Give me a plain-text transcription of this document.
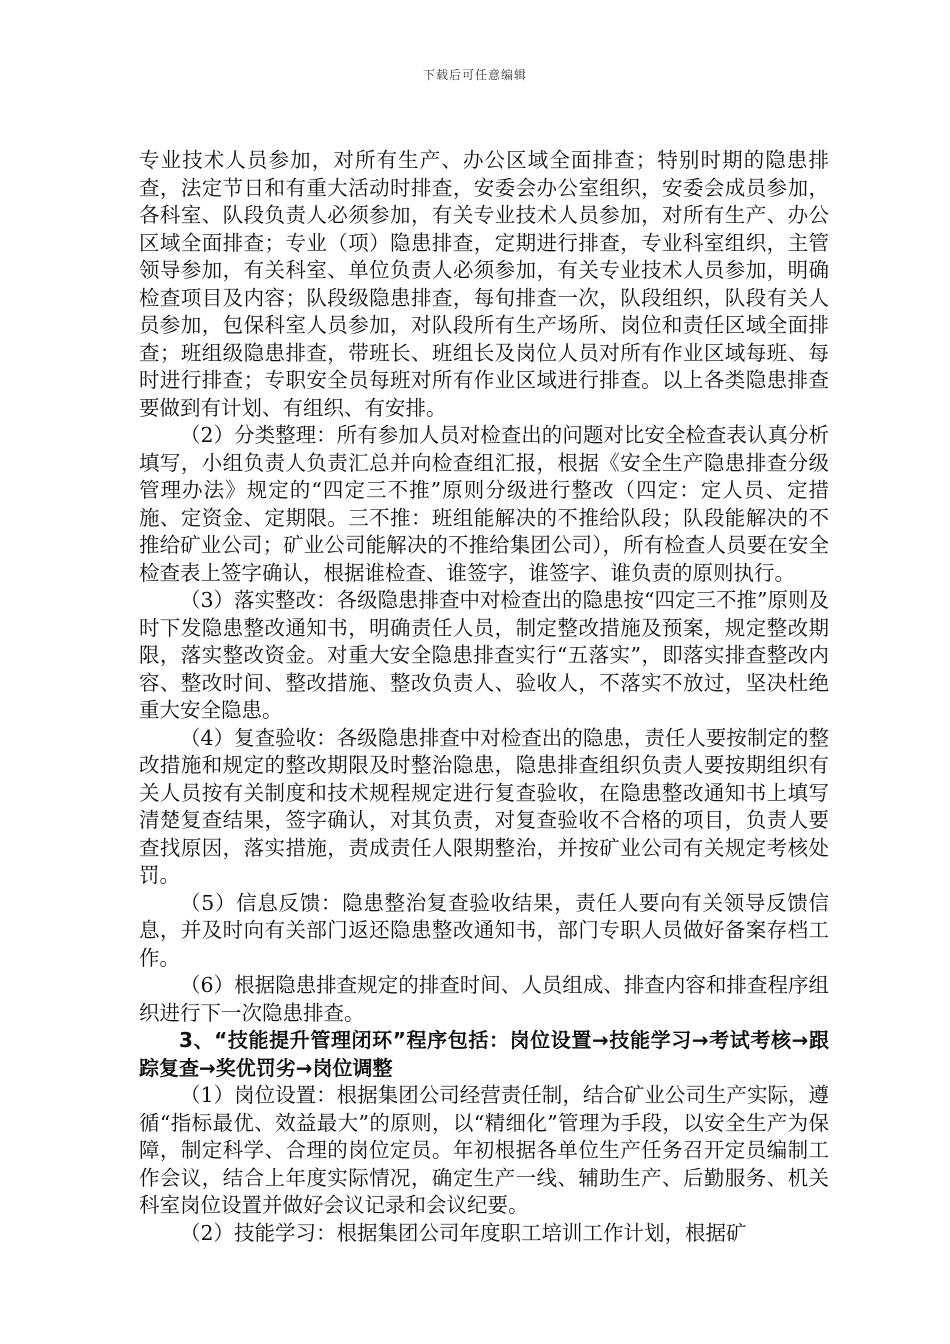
下载后可任意编辑

专业技术人员参加，对所有生产、办公区域全面排查；特别时期的隐患排查，法定节日和有重大活动时排查，安委会办公室组织，安委会成员参加，各科室、队段负责人必须参加，有关专业技术人员参加，对所有生产、办公区域全面排查；专业（项）隐患排查，定期进行排查，专业科室组织，主管领导参加，有关科室、单位负责人必须参加，有关专业技术人员参加，明确检查项目及内容；队段级隐患排查，每旬排查一次，队段组织，队段有关人员参加，包保科室人员参加，对队段所有生产场所、岗位和责任区域全面排查；班组级隐患排查，带班长、班组长及岗位人员对所有作业区域每班、每时进行排查；专职安全员每班对所有作业区域进行排查。以上各类隐患排查要做到有计划、有组织、有安排。

（2）分类整理：所有参加人员对检查出的问题对比安全检查表认真分析填写，小组负责人负责汇总并向检查组汇报，根据《安全生产隐患排查分级管理办法》规定的“四定三不推”原则分级进行整改（四定：定人员、定措施、定资金、定期限。三不推：班组能解决的不推给队段；队段能解决的不推给矿业公司；矿业公司能解决的不推给集团公司），所有检查人员要在安全检查表上签字确认，根据谁检查、谁签字，谁签字、谁负责的原则执行。

（3）落实整改：各级隐患排查中对检查出的隐患按“四定三不推”原则及时下发隐患整改通知书，明确责任人员，制定整改措施及预案，规定整改期限，落实整改资金。对重大安全隐患排查实行“五落实”，即落实排查整改内容、整改时间、整改措施、整改负责人、验收人，不落实不放过，坚决杜绝重大安全隐患。

（4）复查验收：各级隐患排查中对检查出的隐患，责任人要按制定的整改措施和规定的整改期限及时整治隐患，隐患排查组织负责人要按期组织有关人员按有关制度和技术规程规定进行复查验收，在隐患整改通知书上填写清楚复查结果，签字确认，对其负责，对复查验收不合格的项目，负责人要查找原因，落实措施，责成责任人限期整治，并按矿业公司有关规定考核处罚。

（5）信息反馈：隐患整治复查验收结果，责任人要向有关领导反馈信息，并及时向有关部门返还隐患整改通知书，部门专职人员做好备案存档工作。

（6）根据隐患排查规定的排查时间、人员组成、排查内容和排查程序组织进行下一次隐患排查。

3、“技能提升管理闭环”程序包括：岗位设置→技能学习→考试考核→跟踪复查→奖优罚劣→岗位调整

（1）岗位设置：根据集团公司经营责任制，结合矿业公司生产实际，遵循“指标最优、效益最大”的原则，以“精细化”管理为手段，以安全生产为保障，制定科学、合理的岗位定员。年初根据各单位生产任务召开定员编制工作会议，结合上年度实际情况，确定生产一线、辅助生产、后勤服务、机关科室岗位设置并做好会议记录和会议纪要。

（2）技能学习：根据集团公司年度职工培训工作计划，根据矿
